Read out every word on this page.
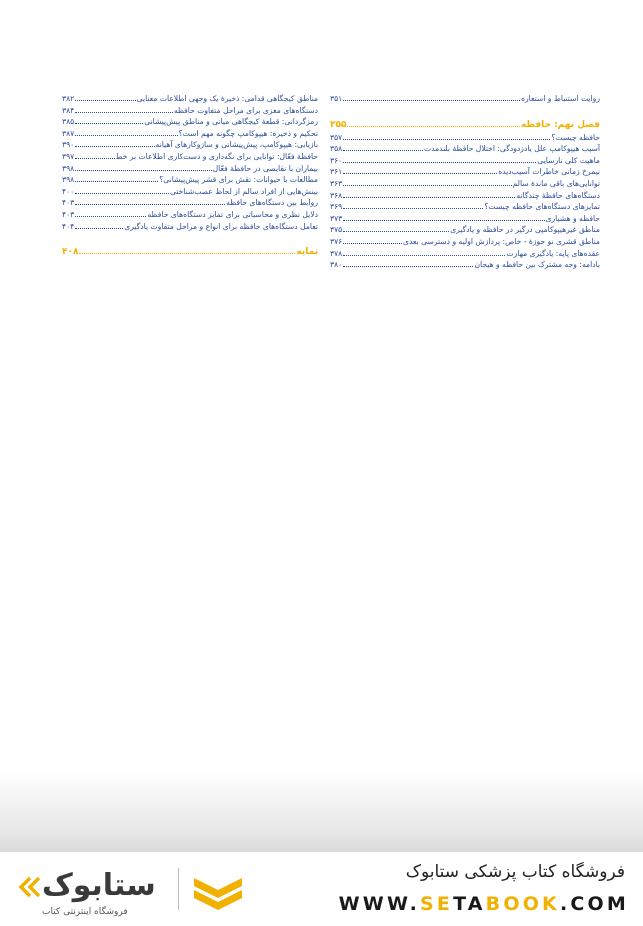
روایت استنباط و استعاره
۳۵۱
فصل نهم: حافظه
۳۵۵
حافظه چیست؟
۳۵۷
آسیب هیپوکامپ علل یادزدودگی: اختلال حافظهٔ بلندمدت
۳۵۸
ماهیت کلی نارسایی
۳۶۰
نیمرخ زمانی خاطرات آسیب‌دیده
۳۶۱
توانایی‌های باقی ماندهٔ سالم
۳۶۳
دستگاه‌های حافظهٔ چندگانه
۳۶۸
تمایزهای دستگاه‌های حافظه چیست؟
۳۶۹
حافظه و هشیاری
۳۷۳
مناطق غیرهیپوکامپی درگیر در حافظه و یادگیری
۳۷۵
مناطق قشری نو حوزهٔ - خاص: پردازش اولیه و دسترسی بعدی
۳۷۶
عقده‌های پایه: یادگیری مهارت
۳۷۸
بادامه: وجه مشترک بین حافظه و هیجان
۳۸۰
مناطق کیجگاهی قدامی: ذخیرهٔ یک وجهی اطلاعات معنایی
۳۸۲
دستگاه‌های مغزی برای مراحل متفاوت حافظه
۳۸۴
رمزگردانی: قطعهٔ کیجگاهی میانی و مناطق پیش‌پیشانی
۳۸۵
تحکیم و ذخیره: هیپوکامپ چگونه مهم است؟
۳۸۷
بازیابی: هیپوکامپ، پیش‌پیشانی و سازوکارهای آهیانه
۳۹۰
حافظهٔ فعّال: توانایی برای نگه‌داری و دست‌کاری اطلاعات بر خط
۳۹۷
بیماران با نقایصی در حافظهٔ فعّال
۳۹۸
مطالعات با حیوانات: نقش برای قشر پیش‌پیشانی؟
۳۹۸
بینش‌هایی از افراد سالم از لحاظ عصب‌شناختی
۴۰۰
روابط بین دستگاه‌های حافظه
۴۰۳
دلایل نظری و محاسباتی برای تمایز دستگاه‌های حافظه
۴۰۳
تعامل دستگاه‌های حافظه برای انواع و مراحل متفاوت یادگیری
۴۰۴
نمایه
۴۰۸
فروشگاه کتاب پزشکی ستابوک
WWW.SETABOOK.COM
ستابوک
فروشگاه اینترنتی کتاب
